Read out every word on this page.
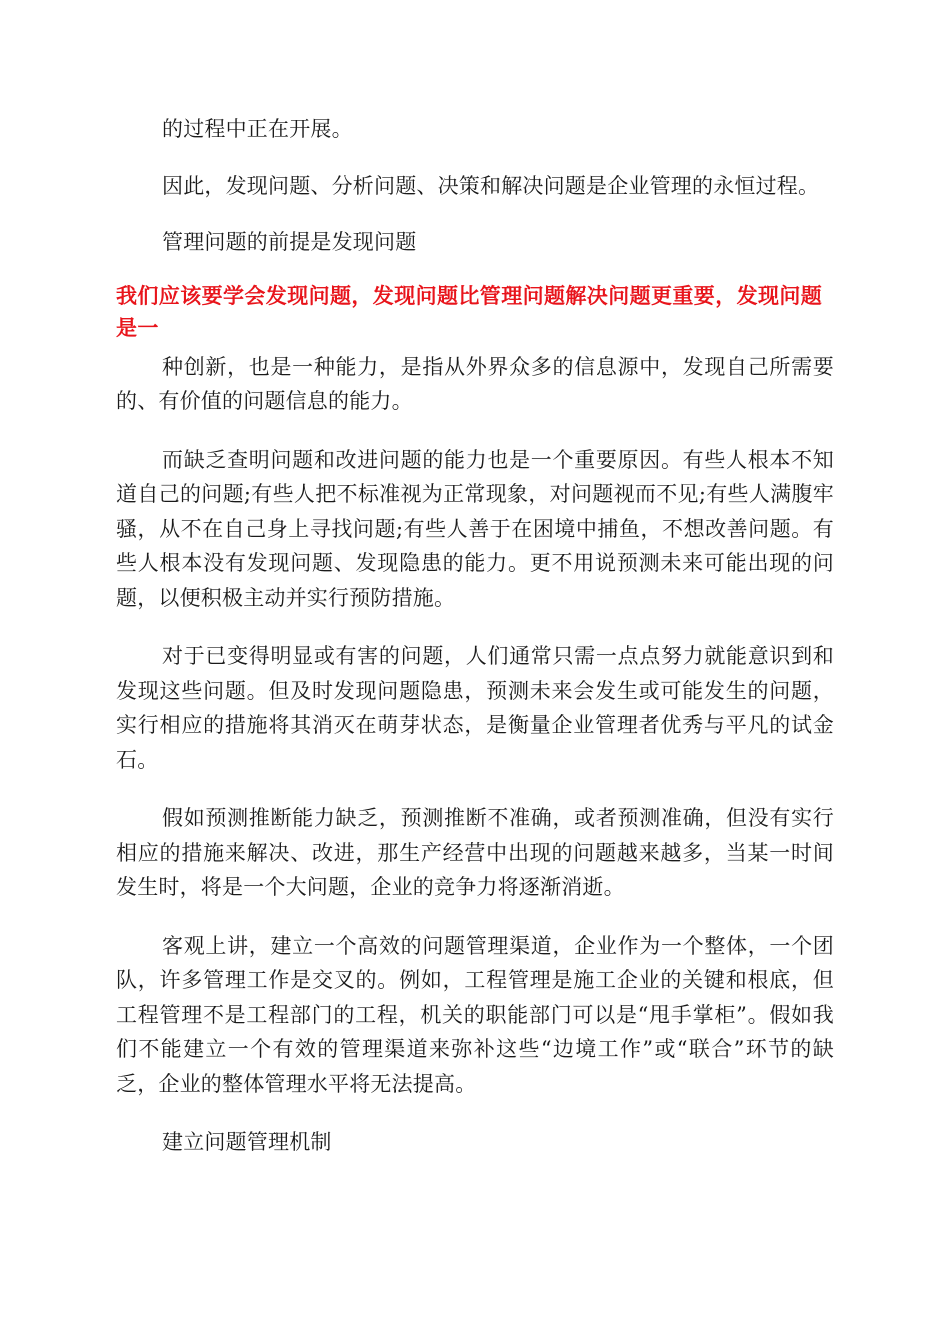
的过程中正在开展。

因此，发现问题、分析问题、决策和解决问题是企业管理的永恒过程。

管理问题的前提是发现问题

我们应该要学会发现问题，发现问题比管理问题解决问题更重要，发现问题是一

种创新，也是一种能力，是指从外界众多的信息源中，发现自己所需要的、有价值的问题信息的能力。

而缺乏查明问题和改进问题的能力也是一个重要原因。有些人根本不知道自己的问题;有些人把不标准视为正常现象，对问题视而不见;有些人满腹牢骚，从不在自己身上寻找问题;有些人善于在困境中捕鱼，不想改善问题。有些人根本没有发现问题、发现隐患的能力。更不用说预测未来可能出现的问题，以便积极主动并实行预防措施。

对于已变得明显或有害的问题，人们通常只需一点点努力就能意识到和发现这些问题。但及时发现问题隐患，预测未来会发生或可能发生的问题，实行相应的措施将其消灭在萌芽状态，是衡量企业管理者优秀与平凡的试金石。

假如预测推断能力缺乏，预测推断不准确，或者预测准确，但没有实行相应的措施来解决、改进，那生产经营中出现的问题越来越多，当某一时间发生时，将是一个大问题，企业的竞争力将逐渐消逝。

客观上讲，建立一个高效的问题管理渠道，企业作为一个整体，一个团队，许多管理工作是交叉的。例如，工程管理是施工企业的关键和根底，但工程管理不是工程部门的工程，机关的职能部门可以是“甩手掌柜”。假如我们不能建立一个有效的管理渠道来弥补这些“边境工作”或“联合”环节的缺乏，企业的整体管理水平将无法提高。

建立问题管理机制
